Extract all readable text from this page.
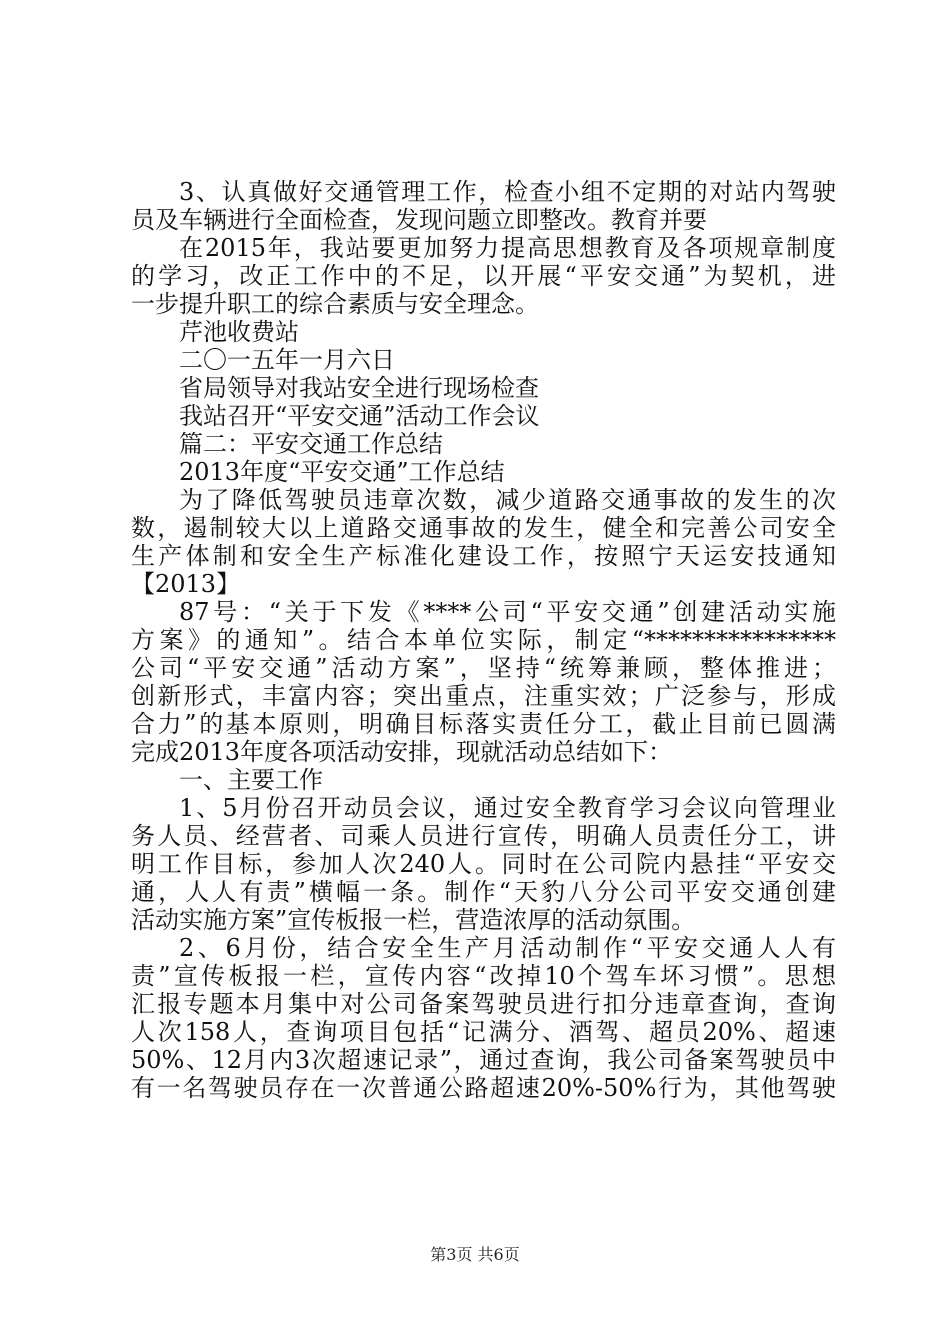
3、认真做好交通管理工作，检查小组不定期的对站内驾驶
员及车辆进行全面检查，发现问题立即整改。教育并要
在2015年，我站要更加努力提高思想教育及各项规章制度
的学习，改正工作中的不足，以开展“平安交通”为契机，进
一步提升职工的综合素质与安全理念。
芹池收费站
二〇一五年一月六日
省局领导对我站安全进行现场检查
我站召开“平安交通”活动工作会议
篇二：平安交通工作总结
2013年度“平安交通”工作总结
为了降低驾驶员违章次数，减少道路交通事故的发生的次
数，遏制较大以上道路交通事故的发生，健全和完善公司安全
生产体制和安全生产标准化建设工作，按照宁天运安技通知
【2013】
87号：“关于下发《****公司“平安交通”创建活动实施
方案》的通知”。结合本单位实际，制定“****************
公司“平安交通”活动方案”，坚持“统筹兼顾，整体推进；
创新形式，丰富内容；突出重点，注重实效；广泛参与，形成
合力”的基本原则，明确目标落实责任分工，截止目前已圆满
完成2013年度各项活动安排，现就活动总结如下：
一、主要工作
1、5月份召开动员会议，通过安全教育学习会议向管理业
务人员、经营者、司乘人员进行宣传，明确人员责任分工，讲
明工作目标，参加人次240人。同时在公司院内悬挂“平安交
通，人人有责”横幅一条。制作“天豹八分公司平安交通创建
活动实施方案”宣传板报一栏，营造浓厚的活动氛围。
2、6月份，结合安全生产月活动制作“平安交通人人有
责”宣传板报一栏，宣传内容“改掉10个驾车坏习惯”。思想
汇报专题本月集中对公司备案驾驶员进行扣分违章查询，查询
人次158人，查询项目包括“记满分、酒驾、超员20%、超速
50%、12月内3次超速记录”，通过查询，我公司备案驾驶员中
有一名驾驶员存在一次普通公路超速20%-50%行为，其他驾驶
第3页 共6页
